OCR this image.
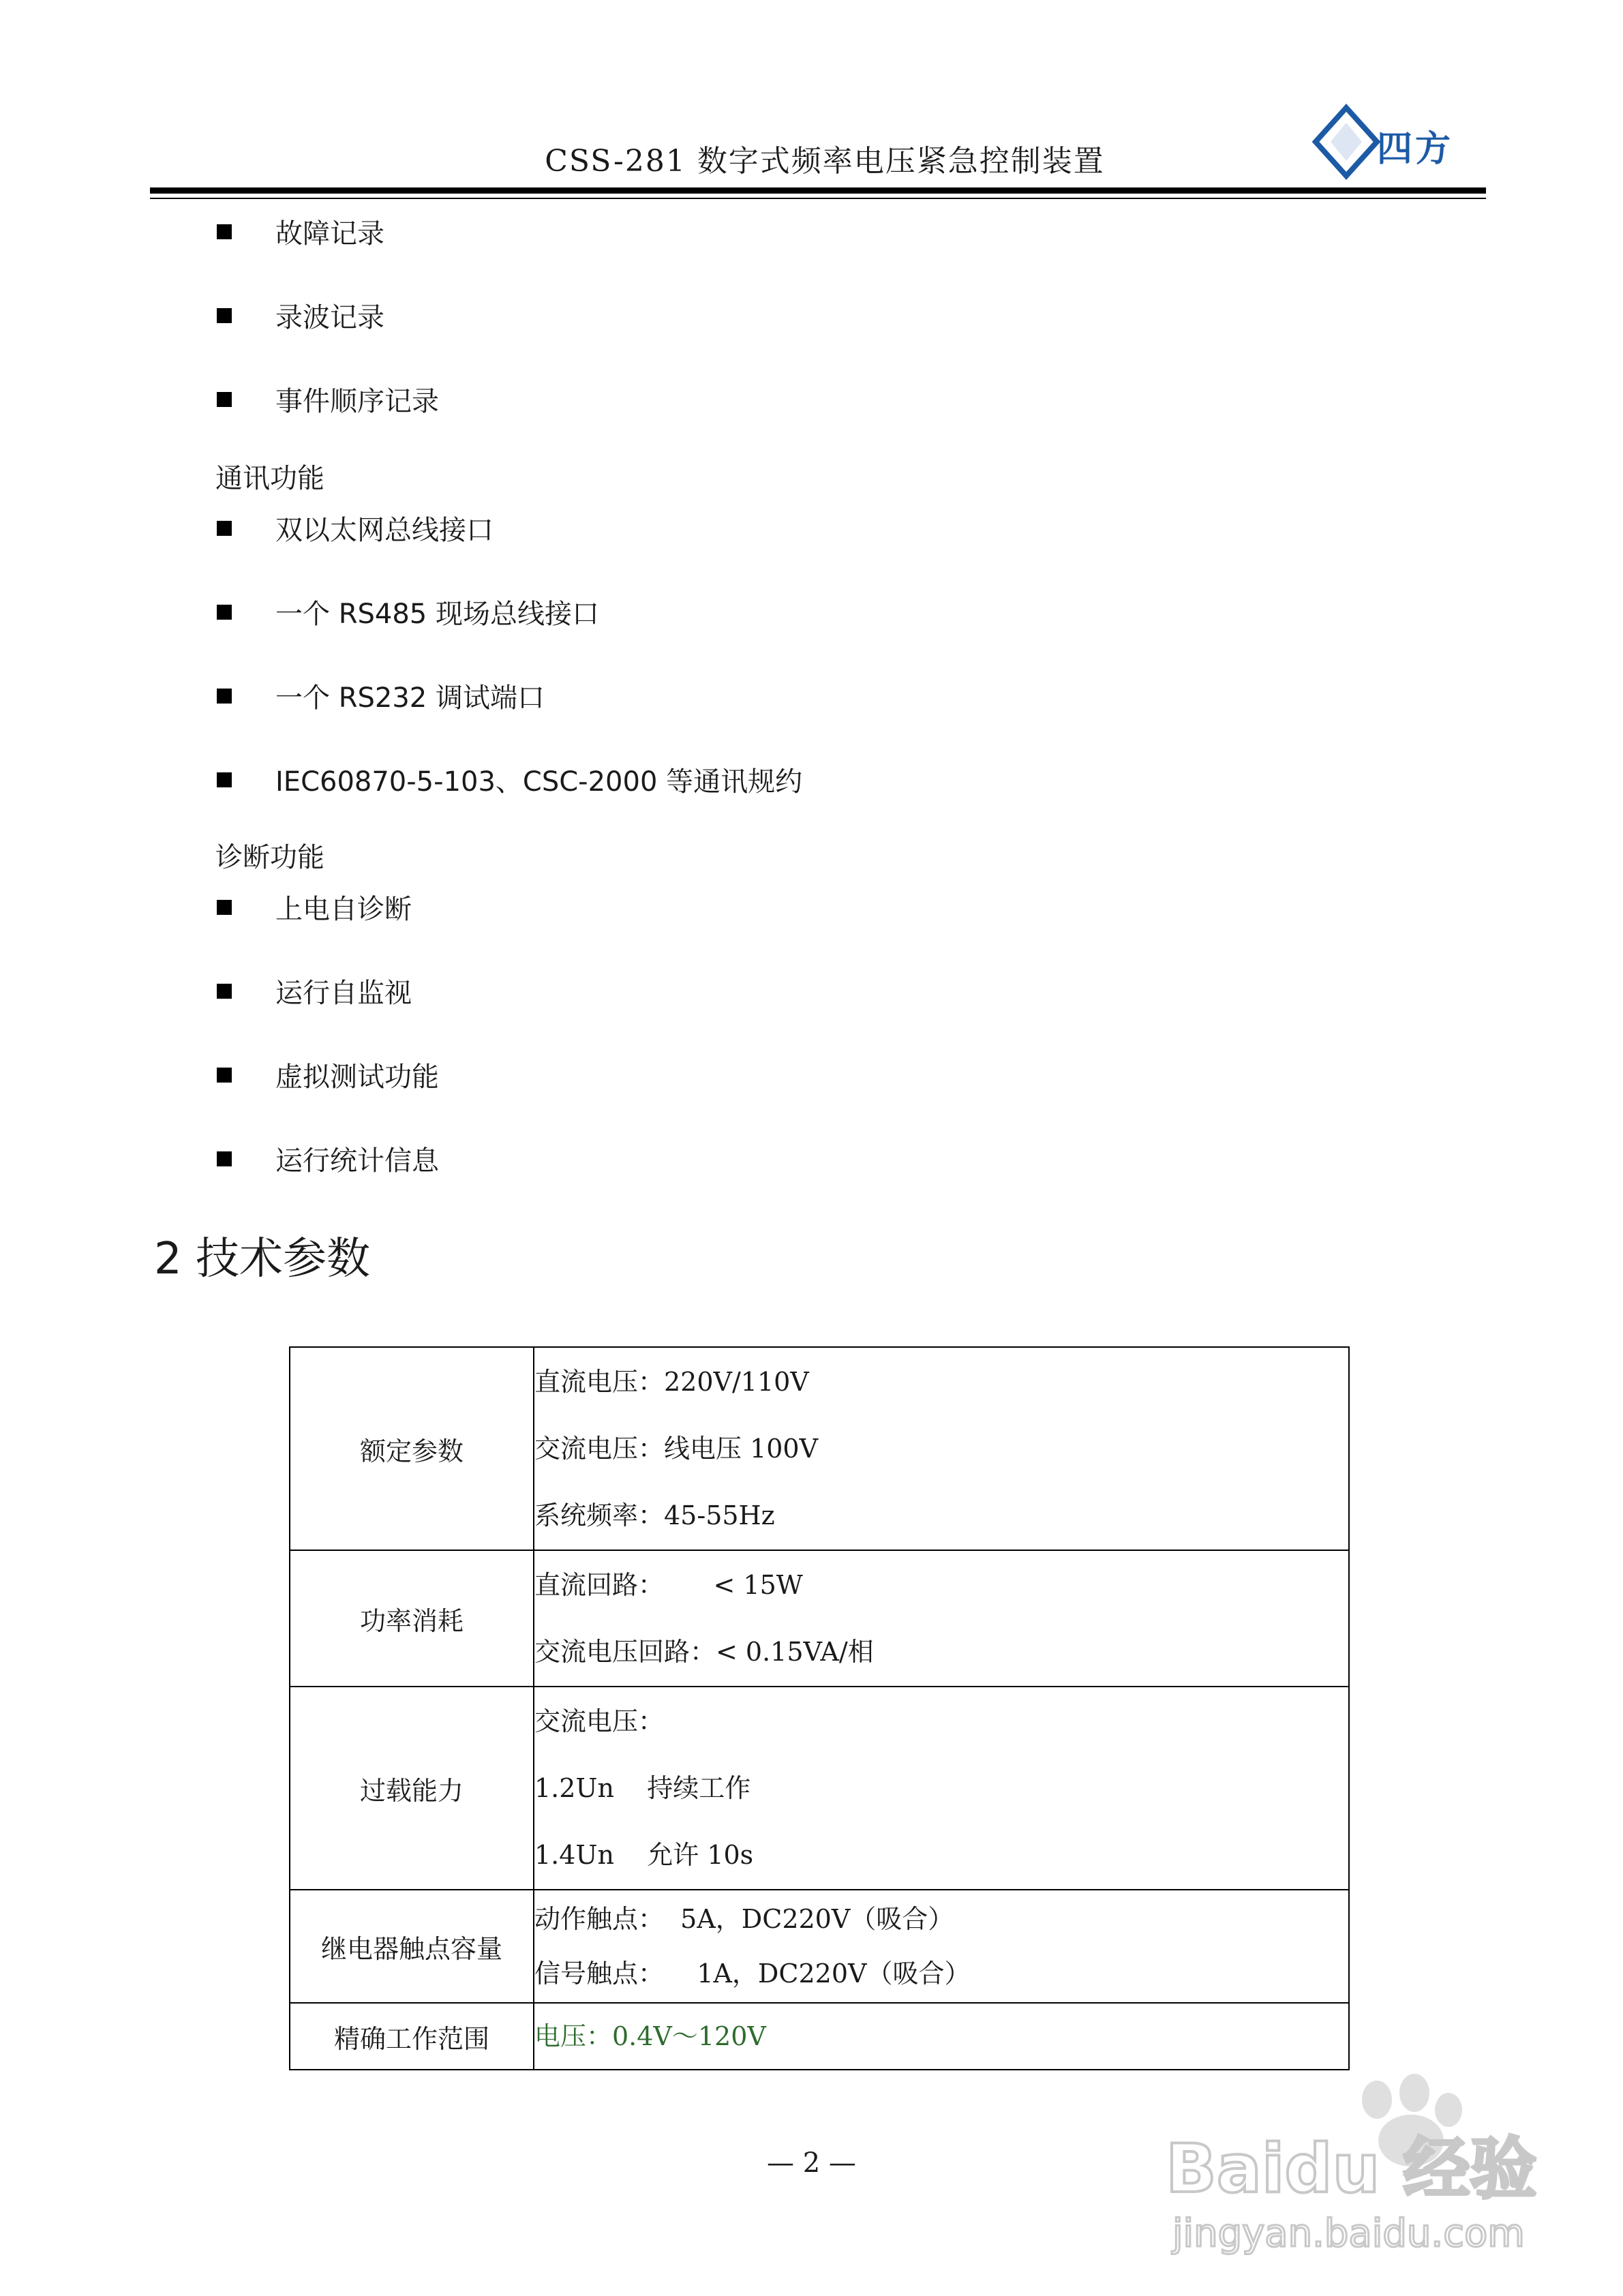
CSS-281 数字式频率电压紧急控制装置	四方
故障记录
录波记录
事件顺序记录
通讯功能
双以太网总线接口
一个 RS485 现场总线接口
一个 RS232 调试端口
IEC60870-5-103、CSC-2000 等通讯规约
诊断功能
上电自诊断
运行自监视
虚拟测试功能
运行统计信息
2 技术参数
额定参数	直流电压：220V/110V
交流电压：线电压 100V
系统频率：45-55Hz

功率消耗	直流回路：      < 15W
交流电压回路：< 0.15VA/相

过载能力	交流电压：
1.2Un    持续工作
1.4Un    允许 10s

继电器触点容量	动作触点：  5A，DC220V（吸合）
信号触点：    1A，DC220V（吸合）

精确工作范围	电压：0.4V～120V
— 2 —	Baidu 经验
jingyan.baidu.com
